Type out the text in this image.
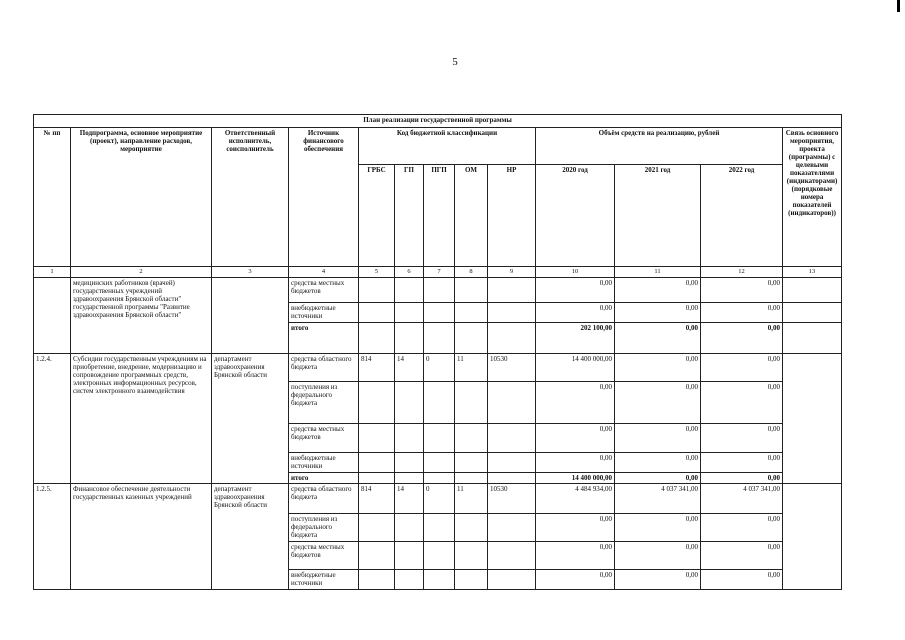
5
План реализации государственной программы												
№ пп	Подпрограмма, основное мероприятие (проект), направление расходов, мероприятие	Ответственный исполнитель, соисполнитель	Источник финансового обеспечения	Код бюджетной классификации					Объём средств на реализацию, рублей			Связь основного мероприятия, проекта (программы) с целевыми показателями (индикаторами) (порядковые номера показателей (индикаторов))
				ГРБС	ГП	ПГП	ОМ	НР	2020 год	2021 год	2022 год	
1	2	3	4	5	6	7	8	9	10	11	12	13
	медицинских работников (врачей) государственных учреждений здравоохранения Брянской области" государственной программы "Развитие здравоохранения Брянской области"		средства местных бюджетов						0,00	0,00	0,00	
			внебюджетные источники						0,00	0,00	0,00	
			итого						202 100,00	0,00	0,00	
1.2.4.	Субсидии государственным учреждениям на приобретение, внедрение, модернизацию и сопровождение программных средств, электронных информационных ресурсов, систем электронного взаимодействия	департамент здравоохранения Брянской области	средства областного бюджета	814	14	0	11	10530	14 400 000,00	0,00	0,00	
			поступления из федерального бюджета						0,00	0,00	0,00	
			средства местных бюджетов						0,00	0,00	0,00	
			внебюджетные источники						0,00	0,00	0,00	
			итого						14 400 000,00	0,00	0,00	
1.2.5.	Финансовое обеспечение деятельности государственных казенных учреждений	департамент здравоохранения Брянской области	средства областного бюджета	814	14	0	11	10530	4 484 934,00	4 037 341,00	4 037 341,00	
			поступления из федерального бюджета						0,00	0,00	0,00	
			средства местных бюджетов						0,00	0,00	0,00	
			внебюджетные источники						0,00	0,00	0,00	
